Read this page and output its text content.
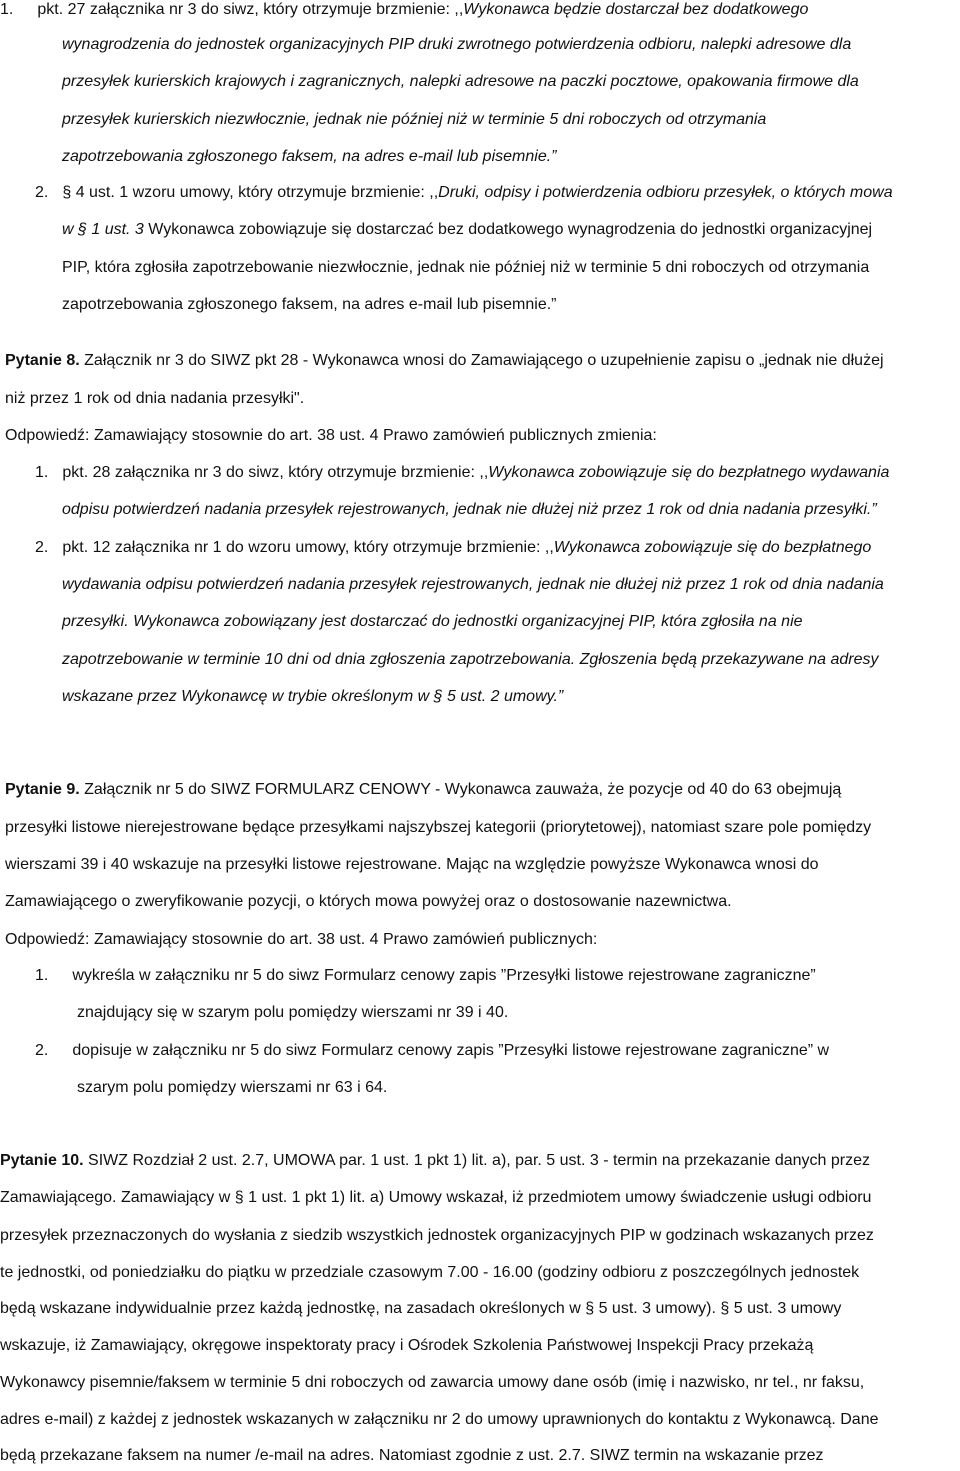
1. pkt. 27 załącznika nr 3 do siwz, który otrzymuje brzmienie: ,,Wykonawca będzie dostarczał bez dodatkowego
wynagrodzenia do jednostek organizacyjnych PIP druki zwrotnego potwierdzenia odbioru, nalepki adresowe dla
przesyłek kurierskich krajowych i zagranicznych, nalepki adresowe na paczki pocztowe, opakowania firmowe dla
przesyłek kurierskich niezwłocznie, jednak nie później niż w terminie 5 dni roboczych od otrzymania
zapotrzebowania zgłoszonego faksem, na adres e-mail lub pisemnie.”
2. § 4 ust. 1 wzoru umowy, który otrzymuje brzmienie: ,,Druki, odpisy i potwierdzenia odbioru przesyłek, o których mowa
w § 1 ust. 3 Wykonawca zobowiązuje się dostarczać bez dodatkowego wynagrodzenia do jednostki organizacyjnej
PIP, która zgłosiła zapotrzebowanie niezwłocznie, jednak nie później niż w terminie 5 dni roboczych od otrzymania
zapotrzebowania zgłoszonego faksem, na adres e-mail lub pisemnie.”
Pytanie 8. Załącznik nr 3 do SIWZ pkt 28 - Wykonawca wnosi do Zamawiającego o uzupełnienie zapisu o „jednak nie dłużej
niż przez 1 rok od dnia nadania przesyłki".
Odpowiedź: Zamawiający stosownie do art. 38 ust. 4 Prawo zamówień publicznych zmienia:
1. pkt. 28 załącznika nr 3 do siwz, który otrzymuje brzmienie: ,,Wykonawca zobowiązuje się do bezpłatnego wydawania
odpisu potwierdzeń nadania przesyłek rejestrowanych, jednak nie dłużej niż przez 1 rok od dnia nadania przesyłki.”
2. pkt. 12 załącznika nr 1 do wzoru umowy, który otrzymuje brzmienie: ,,Wykonawca zobowiązuje się do bezpłatnego
wydawania odpisu potwierdzeń nadania przesyłek rejestrowanych, jednak nie dłużej niż przez 1 rok od dnia nadania
przesyłki. Wykonawca zobowiązany jest dostarczać do jednostki organizacyjnej PIP, która zgłosiła na nie
zapotrzebowanie w terminie 10 dni od dnia zgłoszenia zapotrzebowania. Zgłoszenia będą przekazywane na adresy
wskazane przez Wykonawcę w trybie określonym w § 5 ust. 2 umowy.”
Pytanie 9. Załącznik nr 5 do SIWZ FORMULARZ CENOWY - Wykonawca zauważa, że pozycje od 40 do 63 obejmują
przesyłki listowe nierejestrowane będące przesyłkami najszybszej kategorii (priorytetowej), natomiast szare pole pomiędzy
wierszami 39 i 40 wskazuje na przesyłki listowe rejestrowane. Mając na względzie powyższe Wykonawca wnosi do
Zamawiającego o zweryfikowanie pozycji, o których mowa powyżej oraz o dostosowanie nazewnictwa.
Odpowiedź: Zamawiający stosownie do art. 38 ust. 4 Prawo zamówień publicznych:
1. wykreśla w załączniku nr 5 do siwz Formularz cenowy zapis ”Przesyłki listowe rejestrowane zagraniczne”
znajdujący się w szarym polu pomiędzy wierszami nr 39 i 40.
2. dopisuje w załączniku nr 5 do siwz Formularz cenowy zapis ”Przesyłki listowe rejestrowane zagraniczne” w
szarym polu pomiędzy wierszami nr 63 i 64.
Pytanie 10. SIWZ Rozdział 2 ust. 2.7, UMOWA par. 1 ust. 1 pkt 1) lit. a), par. 5 ust. 3 - termin na przekazanie danych przez
Zamawiającego. Zamawiający w § 1 ust. 1 pkt 1) lit. a) Umowy wskazał, iż przedmiotem umowy świadczenie usługi odbioru
przesyłek przeznaczonych do wysłania z siedzib wszystkich jednostek organizacyjnych PIP w godzinach wskazanych przez
te jednostki, od poniedziałku do piątku w przedziale czasowym 7.00 - 16.00 (godziny odbioru z poszczególnych jednostek
będą wskazane indywidualnie przez każdą jednostkę, na zasadach określonych w § 5 ust. 3 umowy). § 5 ust. 3 umowy
wskazuje, iż Zamawiający, okręgowe inspektoraty pracy i Ośrodek Szkolenia Państwowej Inspekcji Pracy przekażą
Wykonawcy pisemnie/faksem w terminie 5 dni roboczych od zawarcia umowy dane osób (imię i nazwisko, nr tel., nr faksu,
adres e-mail) z każdej z jednostek wskazanych w załączniku nr 2 do umowy uprawnionych do kontaktu z Wykonawcą. Dane
będą przekazane faksem na numer /e-mail na adres. Natomiast zgodnie z ust. 2.7. SIWZ termin na wskazanie przez
